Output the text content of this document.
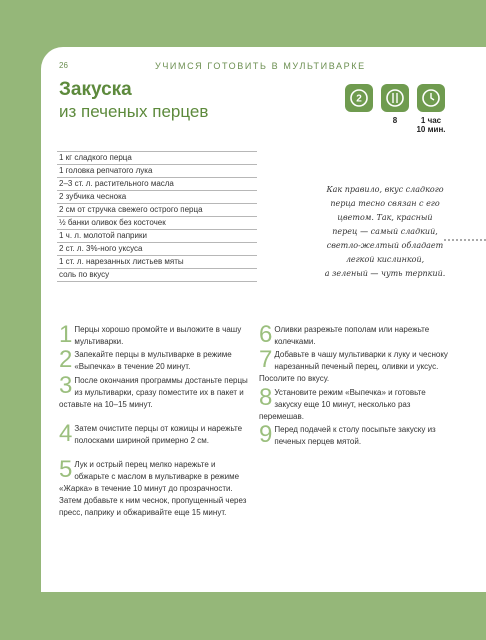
26	УЧИМСЯ ГОТОВИТЬ В МУЛЬТИВАРКЕ
Закуска
из печеных перцев
2
8	1 час
10 мин.
1 кг сладкого перца
1 головка репчатого лука
2–3 ст. л. растительного масла
2 зубчика чеснока
2 см от стручка свежего острого перца
½ банки оливок без косточек
1 ч. л. молотой паприки
2 ст. л. 3%-ного уксуса
1 ст. л. нарезанных листьев мяты
соль по вкусу
Как правило, вкус сладкого
перца тесно связан с его
цветом. Так, красный
перец — самый сладкий,
светло-желтый обладает
легкой кислинкой,
а зеленый — чуть терпкий.
1 Перцы хорошо промойте и выложите в чашу мультиварки.
2 Запекайте перцы в мультиварке в режиме «Выпечка» в течение 20 минут.
3 После окончания программы достаньте перцы из мультиварки, сразу поместите их в пакет и оставьте на 10–15 минут.
4 Затем очистите перцы от кожицы и нарежьте полосками шириной примерно 2 см.
5 Лук и острый перец мелко нарежьте и обжарьте с маслом в мультиварке в режиме «Жарка» в течение 10 минут до прозрачности. Затем добавьте к ним чеснок, пропущенный через пресс, паприку и обжаривайте еще 15 минут.
6 Оливки разрежьте пополам или нарежьте колечками.
7 Добавьте в чашу мультиварки к луку и чесноку нарезанный печеный перец, оливки и уксус. Посолите по вкусу.
8 Установите режим «Выпечка» и готовьте закуску еще 10 минут, несколько раз перемешав.
9 Перед подачей к столу посыпьте закуску из печеных перцев мятой.
